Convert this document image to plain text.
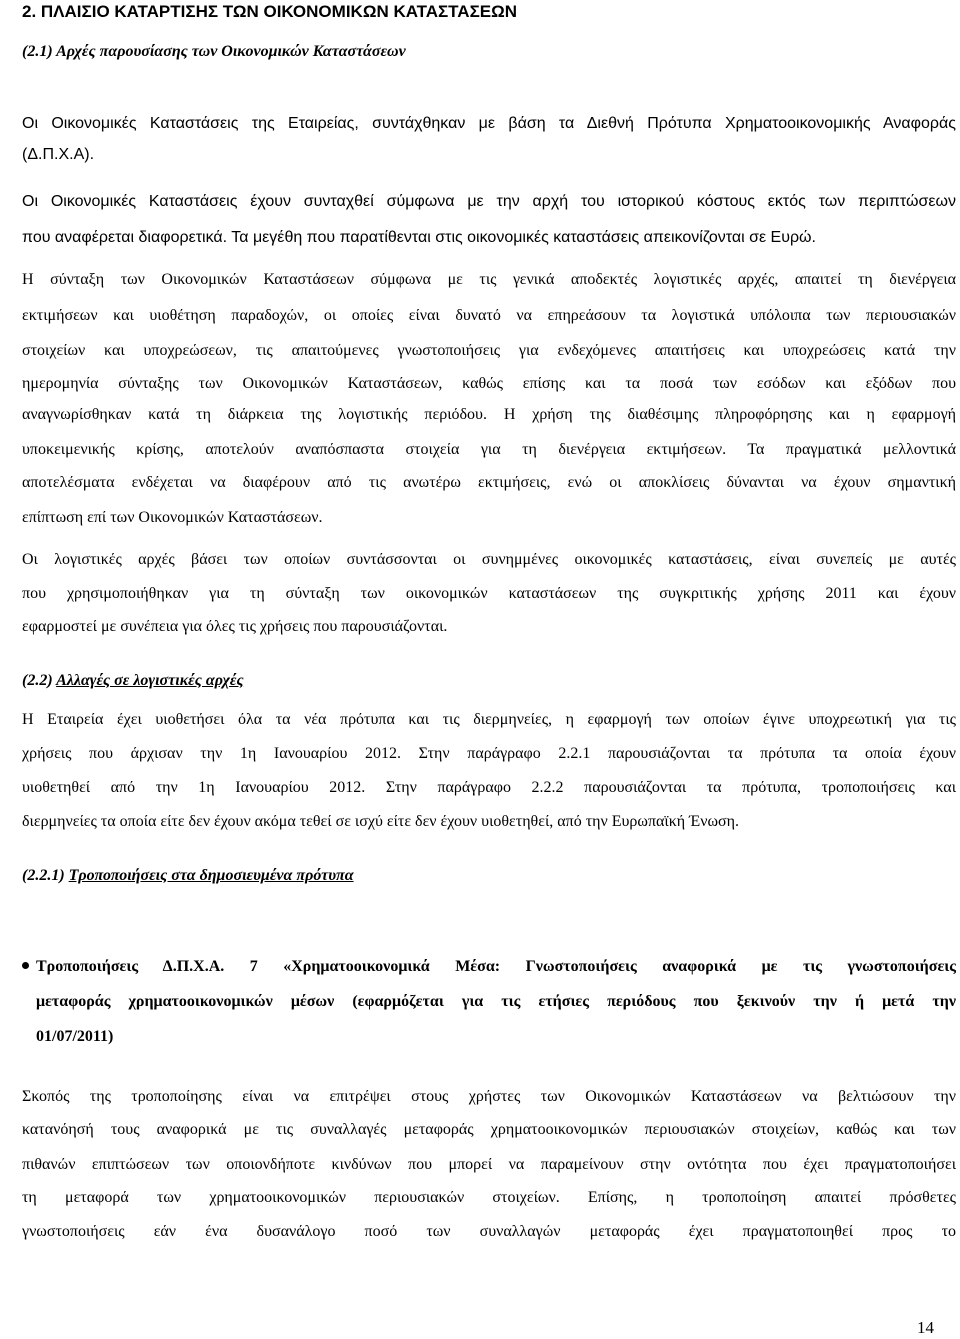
2. ΠΛΑΙΣΙΟ ΚΑΤΑΡΤΙΣΗΣ ΤΩΝ ΟΙΚΟΝΟΜΙΚΩΝ ΚΑΤΑΣΤΑΣΕΩΝ
(2.1) Αρχές παρουσίασης των Οικονομικών Καταστάσεων
Οι Οικονομικές Καταστάσεις της Εταιρείας, συντάχθηκαν με βάση τα Διεθνή Πρότυπα Χρηματοοικονομικής Αναφοράς
(Δ.Π.Χ.Α).
Οι Οικονομικές Καταστάσεις έχουν συνταχθεί σύμφωνα με την αρχή του ιστορικού κόστους εκτός των περιπτώσεων
που αναφέρεται διαφορετικά. Τα μεγέθη που παρατίθενται στις οικονομικές καταστάσεις απεικονίζονται σε Ευρώ.
Η σύνταξη των Οικονομικών Καταστάσεων σύμφωνα με τις γενικά αποδεκτές λογιστικές αρχές, απαιτεί τη διενέργεια
εκτιμήσεων και υιοθέτηση παραδοχών, οι οποίες είναι δυνατό να επηρεάσουν τα λογιστικά υπόλοιπα των περιουσιακών
στοιχείων και υποχρεώσεων, τις απαιτούμενες γνωστοποιήσεις για ενδεχόμενες απαιτήσεις και υποχρεώσεις κατά την
ημερομηνία σύνταξης των Οικονομικών Καταστάσεων, καθώς επίσης και τα ποσά των εσόδων και εξόδων που
αναγνωρίσθηκαν κατά τη διάρκεια της λογιστικής περιόδου. Η χρήση της διαθέσιμης πληροφόρησης και η εφαρμογή
υποκειμενικής κρίσης, αποτελούν αναπόσπαστα στοιχεία για τη διενέργεια εκτιμήσεων. Τα πραγματικά μελλοντικά
αποτελέσματα ενδέχεται να διαφέρουν από τις ανωτέρω εκτιμήσεις, ενώ οι αποκλίσεις δύνανται να έχουν σημαντική
επίπτωση επί των Οικονομικών Καταστάσεων.
Οι λογιστικές αρχές βάσει των οποίων συντάσσονται οι συνημμένες οικονομικές καταστάσεις, είναι συνεπείς με αυτές
που χρησιμοποιήθηκαν για τη σύνταξη των οικονομικών καταστάσεων της συγκριτικής χρήσης 2011 και έχουν
εφαρμοστεί με συνέπεια για όλες τις χρήσεις που παρουσιάζονται.
(2.2) Αλλαγές σε λογιστικές αρχές
Η Εταιρεία έχει υιοθετήσει όλα τα νέα πρότυπα και τις διερμηνείες, η εφαρμογή των οποίων έγινε υποχρεωτική για τις
χρήσεις που άρχισαν την 1η Ιανουαρίου 2012. Στην παράγραφο 2.2.1 παρουσιάζονται τα πρότυπα τα οποία έχουν
υιοθετηθεί από την 1η Ιανουαρίου 2012. Στην παράγραφο 2.2.2 παρουσιάζονται τα πρότυπα, τροποποιήσεις και
διερμηνείες τα οποία είτε δεν έχουν ακόμα τεθεί σε ισχύ είτε δεν έχουν υιοθετηθεί, από την Ευρωπαϊκή Ένωση.
(2.2.1) Τροποποιήσεις στα δημοσιευμένα πρότυπα
Τροποποιήσεις Δ.Π.Χ.Α. 7 «Χρηματοοικονομικά Μέσα: Γνωστοποιήσεις αναφορικά με τις γνωστοποιήσεις
μεταφοράς χρηματοοικονομικών μέσων (εφαρμόζεται για τις ετήσιες περιόδους που ξεκινούν την ή μετά την
01/07/2011)
Σκοπός της τροποποίησης είναι να επιτρέψει στους χρήστες των Οικονομικών Καταστάσεων να βελτιώσουν την
κατανόησή τους αναφορικά με τις συναλλαγές μεταφοράς χρηματοοικονομικών περιουσιακών στοιχείων, καθώς και των
πιθανών επιπτώσεων των οποιονδήποτε κινδύνων που μπορεί να παραμείνουν στην οντότητα που έχει πραγματοποιήσει
τη μεταφορά των χρηματοοικονομικών περιουσιακών στοιχείων. Επίσης, η τροποποίηση απαιτεί πρόσθετες
γνωστοποιήσεις εάν ένα δυσανάλογο ποσό των συναλλαγών μεταφοράς έχει πραγματοποιηθεί προς το
14
